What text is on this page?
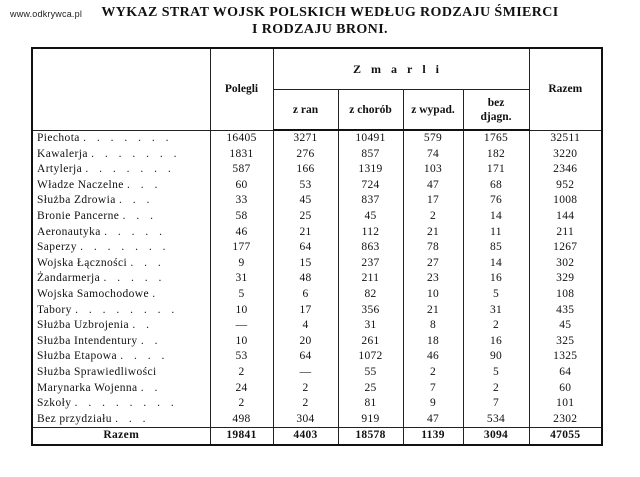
www.odkrywca.pl	WYKAZ STRAT WOJSK POLSKICH WEDŁUG RODZAJU ŚMIERCI
I RODZAJU BRONI.
	Polegli	Zmarli				Razem
		z ran	z chorób	z wypad.	bez
djagn.	
Piechota . . . . . . .	16405	3271	10491	579	1765	32511
Kawalerja . . . . . . .	1831	276	857	74	182	3220
Artylerja . . . . . . .	587	166	1319	103	171	2346
Władze Naczelne . . .	60	53	724	47	68	952
Służba Zdrowia . . .	33	45	837	17	76	1008
Bronie Pancerne . . .	58	25	45	2	14	144
Aeronautyka . . . . .	46	21	112	21	11	211
Saperzy . . . . . . .	177	64	863	78	85	1267
Wojska Łączności . . .	9	15	237	27	14	302
Żandarmerja . . . . .	31	48	211	23	16	329
Wojska Samochodowe .	5	6	82	10	5	108
Tabory . . . . . . . .	10	17	356	21	31	435
Służba Uzbrojenia . .	—	4	31	8	2	45
Służba Intendentury . .	10	20	261	18	16	325
Służba Etapowa . . . .	53	64	1072	46	90	1325
Służba Sprawiedliwości	2	—	55	2	5	64
Marynarka Wojenna . .	24	2	25	7	2	60
Szkoły . . . . . . . .	2	2	81	9	7	101
Bez przydziału . . .	498	304	919	47	534	2302
Razem	19841	4403	18578	1139	3094	47055
